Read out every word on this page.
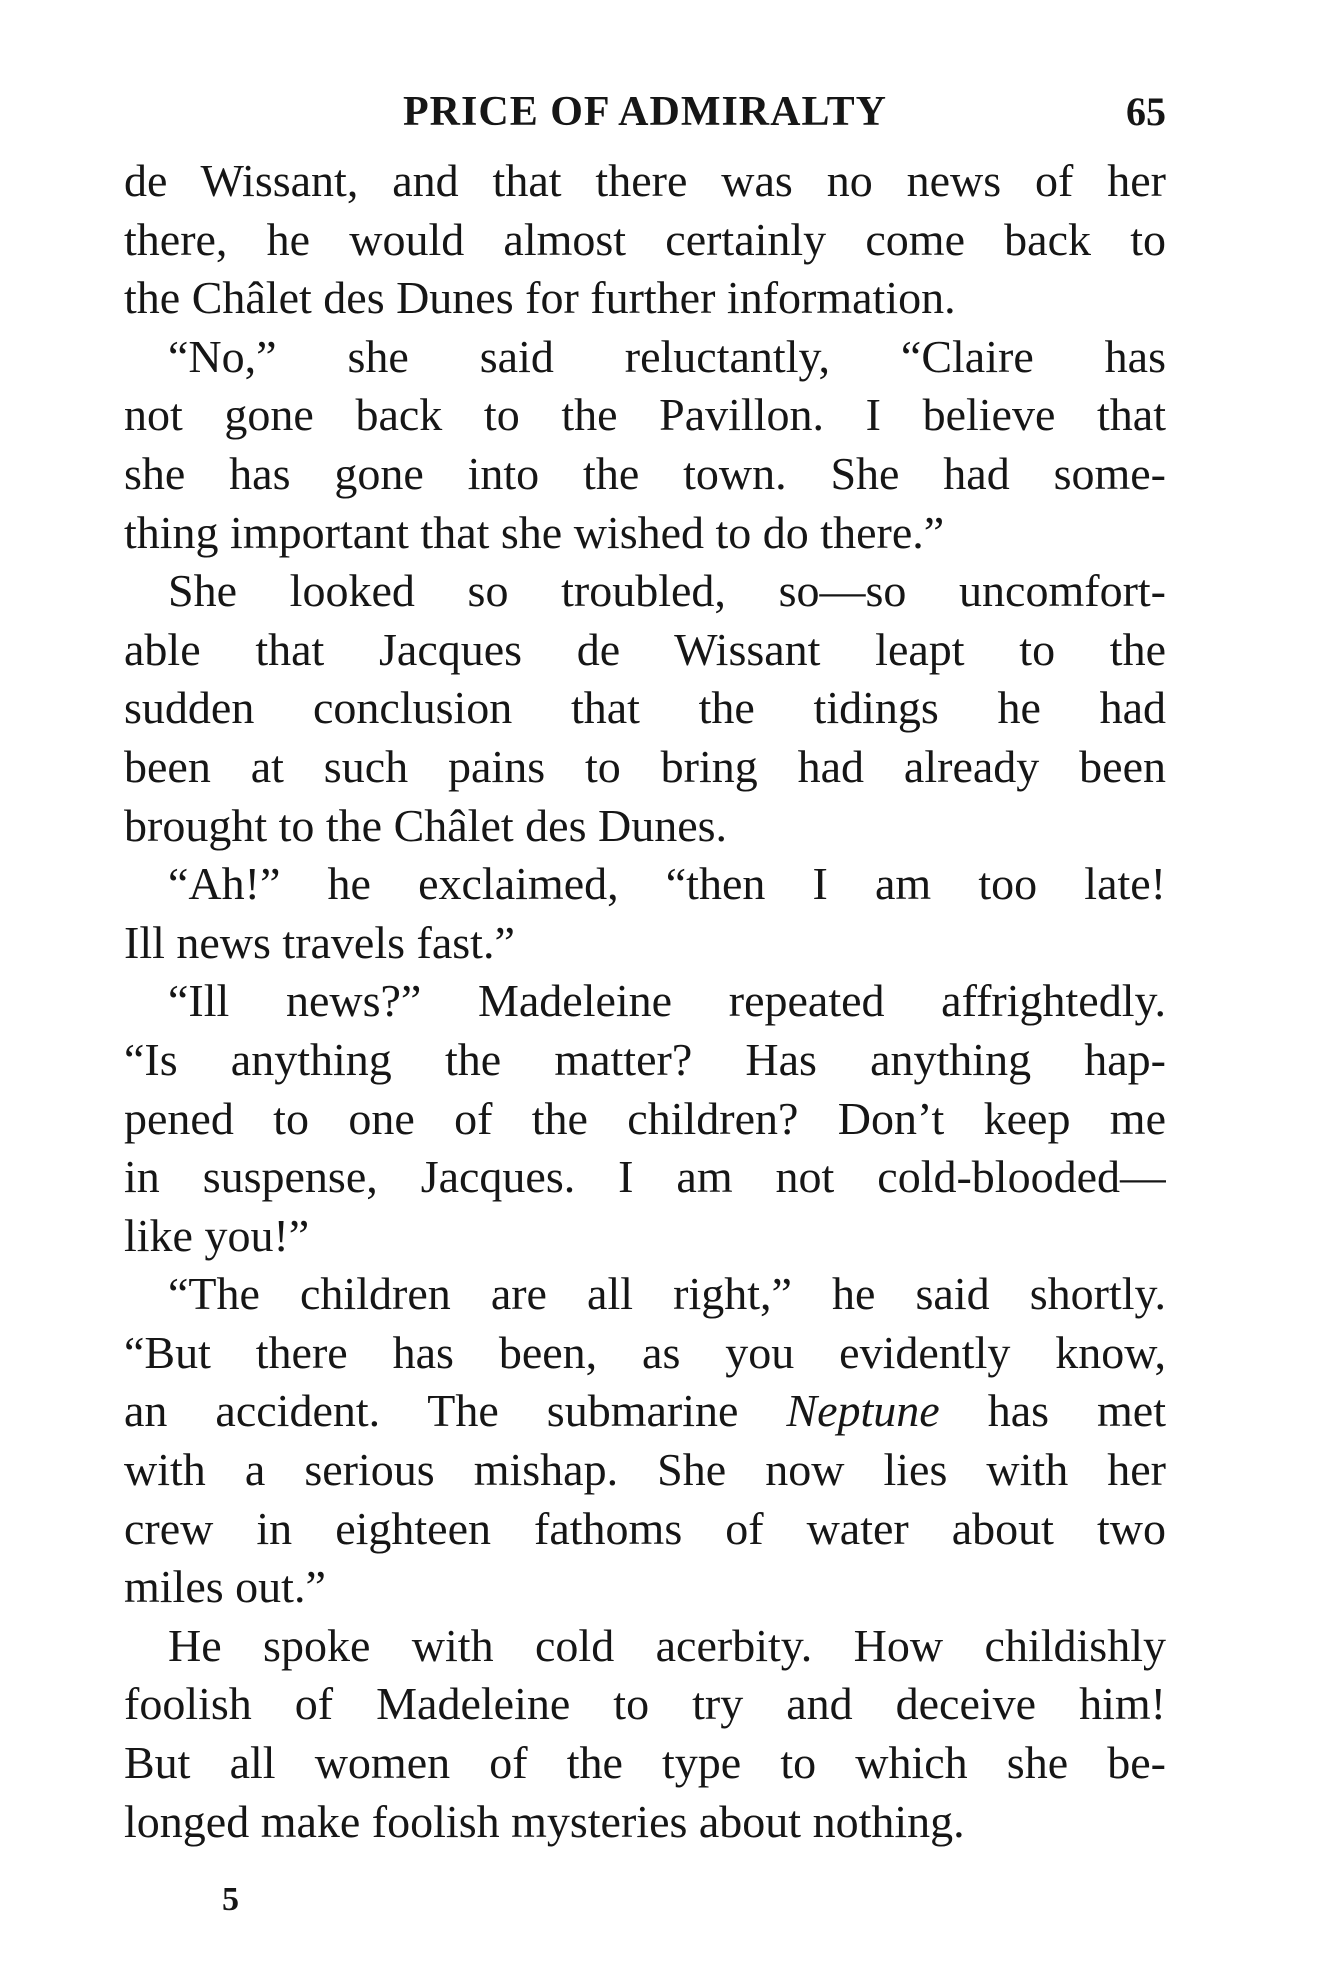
PRICE OF ADMIRALTY	65
de Wissant, and that there was no news of her
there, he would almost certainly come back to
the Châlet des Dunes for further information.
“No,” she said reluctantly, “Claire has
not gone back to the Pavillon. I believe that
she has gone into the town. She had some-
thing important that she wished to do there.”
She looked so troubled, so—so uncomfort-
able that Jacques de Wissant leapt to the
sudden conclusion that the tidings he had
been at such pains to bring had already been
brought to the Châlet des Dunes.
“Ah!” he exclaimed, “then I am too late!
Ill news travels fast.”
“Ill news?” Madeleine repeated affrightedly.
“Is anything the matter? Has anything hap-
pened to one of the children? Don’t keep me
in suspense, Jacques. I am not cold-blooded—
like you!”
“The children are all right,” he said shortly.
“But there has been, as you evidently know,
an accident. The submarine Neptune has met
with a serious mishap. She now lies with her
crew in eighteen fathoms of water about two
miles out.”
He spoke with cold acerbity. How childishly
foolish of Madeleine to try and deceive him!
But all women of the type to which she be-
longed make foolish mysteries about nothing.
5
